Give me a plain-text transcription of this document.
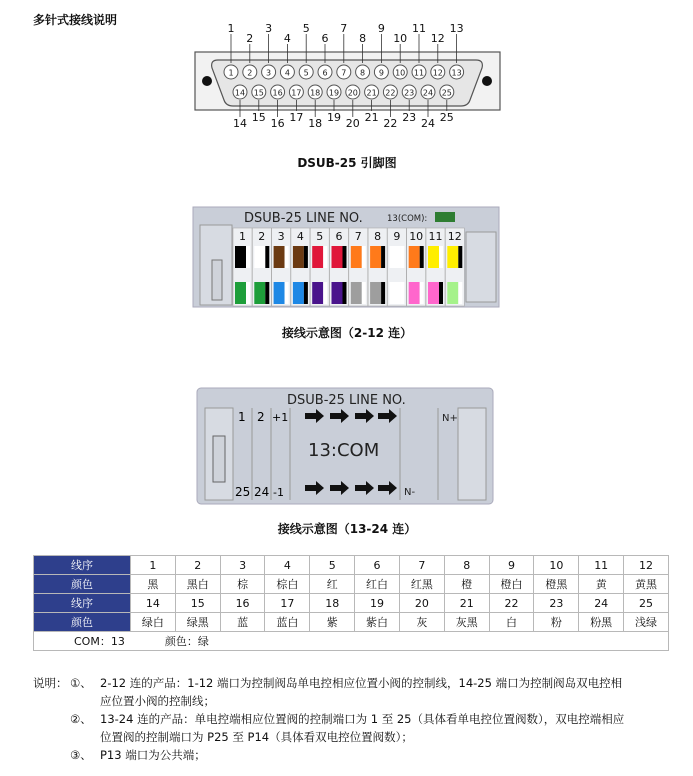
多针式接线说明
1 2 3 4 5 6 7 8 9 10 11 12 13
14 15 16 17 18 19 20 21 22 23 24 25
1
2
3
4
5
6
7
8
9
10
11
12
13
14 15 16 17 18 19 20 21 22 23 24 25
DSUB-25 LINE NO.	13(COM):
1 2 3 4 5 6 7 8 9 10 11 12
DSUB-25 LINE NO.
1 2 +1
25 24 -1
13:COM
N+
N-
DSUB-25 引脚图
接线示意图（2-12 连）
接线示意图（13-24 连）
线序	1	2	3	4	5	6	7	8	9	10	11	12
颜色	黑	黑白	棕	棕白	红	红白	红黑	橙	橙白	橙黑	黄	黄黑
线序	14	15	16	17	18	19	20	21	22	23	24	25
颜色	绿白	绿黑	蓝	蓝白	紫	紫白	灰	灰黑	白	粉	粉黑	浅绿
COM：13 颜色：绿												
说明： ①、 2-12 连的产品：1-12 端口为控制阀岛单电控相应位置小阀的控制线，14-25 端口为控制阀岛双电控相
应位置小阀的控制线；
②、 13-24 连的产品：单电控端相应位置阀的控制端口为 1 至 25（具体看单电控位置阀数），双电控端相应
位置阀的控制端口为 P25 至 P14（具体看双电控位置阀数）；
③、 P13 端口为公共端；
